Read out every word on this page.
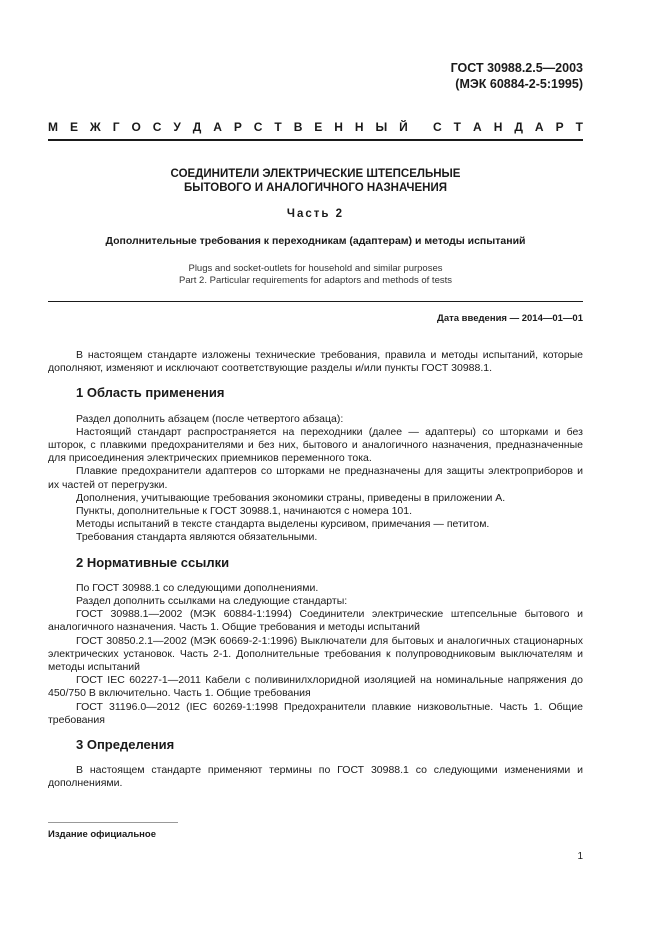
ГОСТ 30988.2.5—2003
(МЭК 60884-2-5:1995)
М Е Ж Г О С У Д А Р С Т В Е Н Н Ы Й С Т А Н Д А Р Т
СОЕДИНИТЕЛИ ЭЛЕКТРИЧЕСКИЕ ШТЕПСЕЛЬНЫЕ
БЫТОВОГО И АНАЛОГИЧНОГО НАЗНАЧЕНИЯ
Часть 2
Дополнительные требования к переходникам (адаптерам) и методы испытаний
Plugs and socket-outlets for household and similar purposes
Part 2. Particular requirements for adaptors and methods of tests
Дата введения — 2014—01—01

В настоящем стандарте изложены технические требования, правила и методы испытаний, которые дополняют, изменяют и исключают соответствующие разделы и/или пункты ГОСТ 30988.1.

1 Область применения

Раздел дополнить абзацем (после четвертого абзаца):

Настоящий стандарт распространяется на переходники (далее — адаптеры) со шторками и без шторок, с плавкими предохранителями и без них, бытового и аналогичного назначения, предназначенные для присоединения электрических приемников переменного тока.

Плавкие предохранители адаптеров со шторками не предназначены для защиты электроприборов и их частей от перегрузки.

Дополнения, учитывающие требования экономики страны, приведены в приложении А.

Пункты, дополнительные к ГОСТ 30988.1, начинаются с номера 101.

Методы испытаний в тексте стандарта выделены курсивом, примечания — петитом.

Требования стандарта являются обязательными.

2 Нормативные ссылки

По ГОСТ 30988.1 со следующими дополнениями.

Раздел дополнить ссылками на следующие стандарты:

ГОСТ 30988.1—2002 (МЭК 60884-1:1994) Соединители электрические штепсельные бытового и аналогичного назначения. Часть 1. Общие требования и методы испытаний

ГОСТ 30850.2.1—2002 (МЭК 60669-2-1:1996) Выключатели для бытовых и аналогичных стационарных электрических установок. Часть 2-1. Дополнительные требования к полупроводниковым выключателям и методы испытаний

ГОСТ IEC 60227-1—2011 Кабели с поливинилхлоридной изоляцией на номинальные напряжения до 450/750 В включительно. Часть 1. Общие требования

ГОСТ 31196.0—2012 (IEC 60269-1:1998 Предохранители плавкие низковольтные. Часть 1. Общие требования

3 Определения

В настоящем стандарте применяют термины по ГОСТ 30988.1 со следующими изменениями и дополнениями.

Издание официальное
1
